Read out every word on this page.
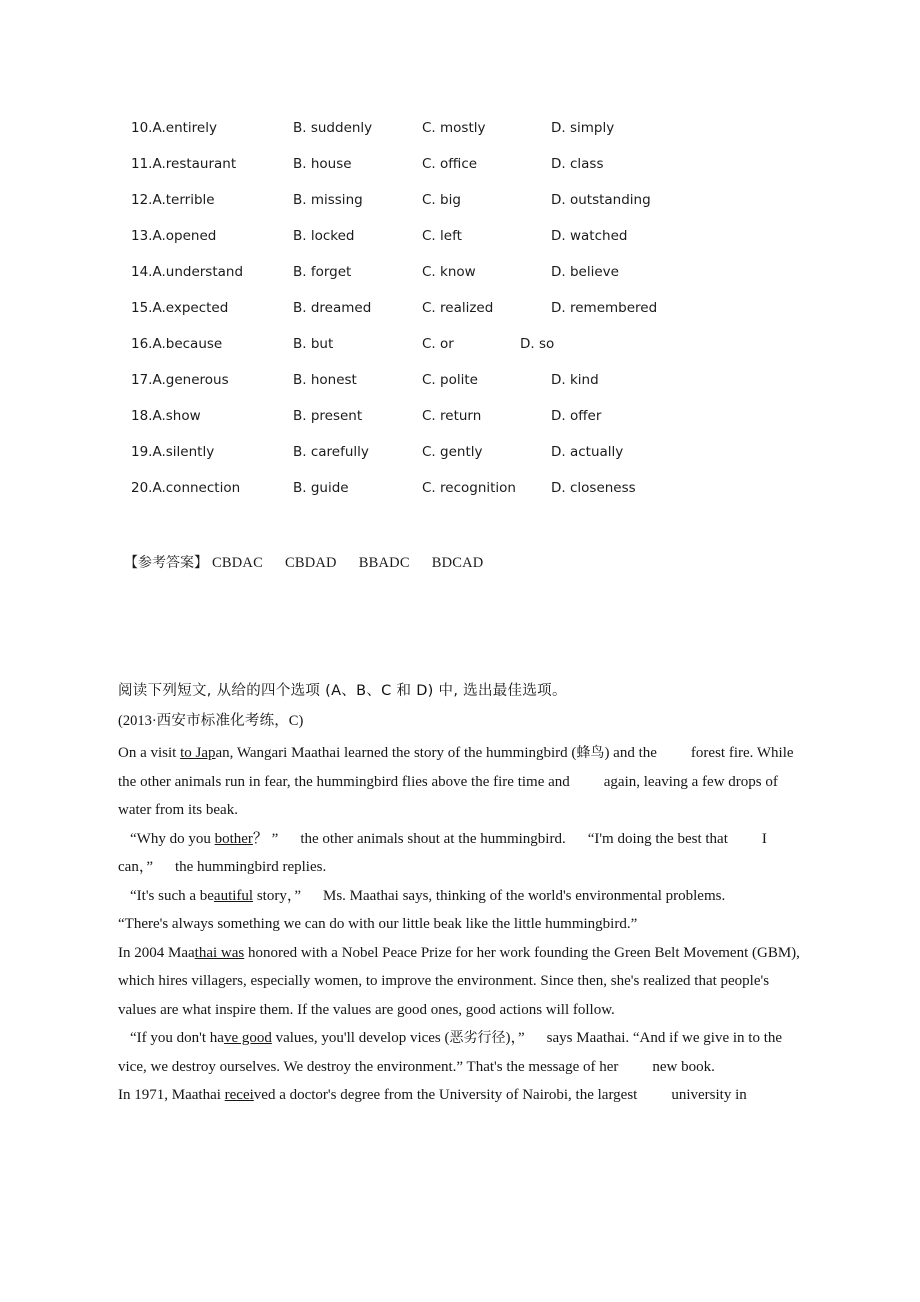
10.A.entirely	B. suddenly	C. mostly	D. simply
11.A.restaurant	B. house	C. office	D. class
12.A.terrible	B. missing	C. big	D. outstanding
13.A.opened	B. locked	C. left	D. watched
14.A.understand	B. forget	C. know	D. believe
15.A.expected	B. dreamed	C. realized	D. remembered
16.A.because	B. but	C. or	D. so
17.A.generous	B. honest	C. polite	D. kind
18.A.show	B. present	C. return	D. offer
19.A.silently	B. carefully	C. gently	D. actually
20.A.connection	B. guide	C. recognition	D. closeness
【参考答案】 CBDAC CBDAD BBADC BDCAD
阅读下列短文, 从给的四个选项 (A、B、C 和 D) 中, 选出最佳选项。
(2013·西安市标准化考练，C)

On a visit to Japan, Wangari Maathai learned the story of the hummingbird (蜂鸟) and the forest fire. While the other animals run in fear, the hummingbird flies above the fire time and again, leaving a few drops of water from its beak.

“Why do you bother？ ” the other animals shout at the hummingbird. “I'm doing the best that I can，” the hummingbird replies.

“It's such a beautiful story，” Ms. Maathai says, thinking of the world's environmental problems.

“There's always something we can do with our little beak like the little hummingbird.”

In 2004 Maathai was honored with a Nobel Peace Prize for her work founding the Green Belt Movement (GBM), which hires villagers, especially women, to improve the environment. Since then, she's realized that people's values are what inspire them. If the values are good ones, good actions will follow.

“If you don't have good values, you'll develop vices (恶劣行径)，” says Maathai. “And if we give in to the vice, we destroy ourselves. We destroy the environment.” That's the message of her new book.

In 1971, Maathai received a doctor's degree from the University of Nairobi, the largest university in
